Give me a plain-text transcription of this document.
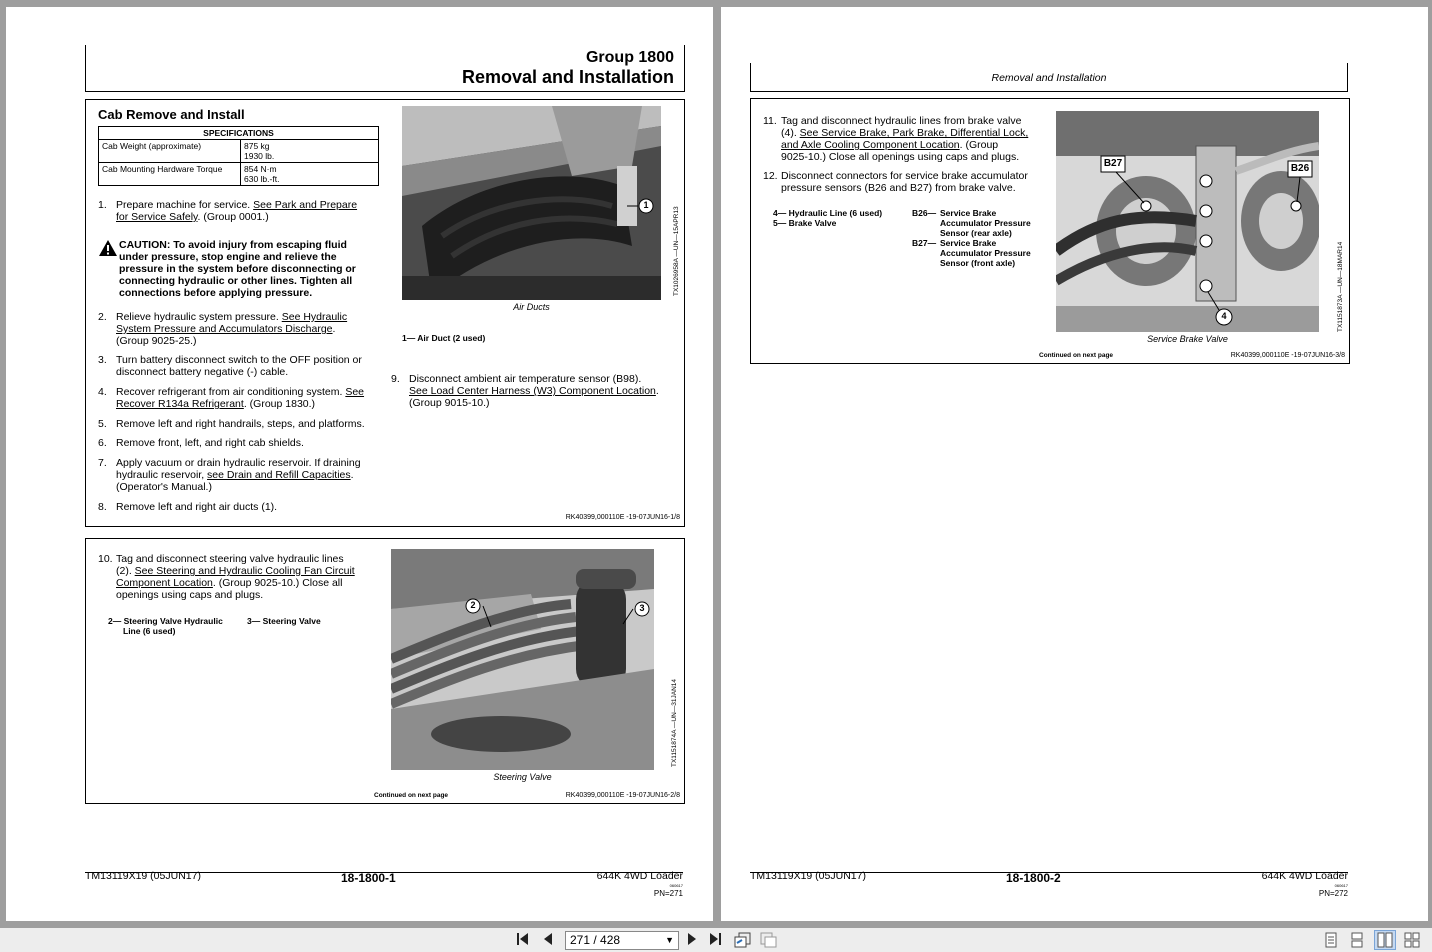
Group 1800
Removal and Installation
Cab Remove and Install
SPECIFICATIONS	
Cab Weight (approximate)	875 kg
1930 lb.

Cab Mounting Hardware Torque	854 N·m
630 lb.-ft.
1. Prepare machine for service. See Park and Prepare
for Service Safely. (Group 0001.)
CAUTION: To avoid injury from escaping fluid
under pressure, stop engine and relieve the
pressure in the system before disconnecting or
connecting hydraulic or other lines. Tighten all
connections before applying pressure.
2. Relieve hydraulic system pressure. See Hydraulic
System Pressure and Accumulators Discharge.
(Group 9025-25.)
3. Turn battery disconnect switch to the OFF position or
disconnect battery negative (-) cable.
4. Recover refrigerant from air conditioning system. See
Recover R134a Refrigerant. (Group 1830.)
5. Remove left and right handrails, steps, and platforms.
6. Remove front, left, and right cab shields.
7. Apply vacuum or drain hydraulic reservoir. If draining
hydraulic reservoir, see Drain and Refill Capacities.
(Operator's Manual.)
8. Remove left and right air ducts (1).
1
TX1026958A —UN—15APR13
Air Ducts
1— Air Duct (2 used)
9. Disconnect ambient air temperature sensor (B98).
See Load Center Harness (W3) Component Location.
(Group 9015-10.)
RK40399,000110E -19-07JUN16-1/8
10. Tag and disconnect steering valve hydraulic lines
(2). See Steering and Hydraulic Cooling Fan Circuit
Component Location. (Group 9025-10.) Close all
openings using caps and plugs.
2— Steering Valve Hydraulic
Line (6 used)
3— Steering Valve
2	3
TX1151874A —UN—31JAN14
Steering Valve
Continued on next page	RK40399,000110E -19-07JUN16-2/8
TM13119X19 (05JUN17)	18-1800-1	644K 4WD Loader
060617
PN=271
Removal and Installation
11. Tag and disconnect hydraulic lines from brake valve
(4). See Service Brake, Park Brake, Differential Lock,
and Axle Cooling Component Location. (Group
9025-10.) Close all openings using caps and plugs.
12. Disconnect connectors for service brake accumulator
pressure sensors (B26 and B27) from brake valve.
4— Hydraulic Line (6 used)
5— Brake Valve
B26— Service Brake
Accumulator Pressure
Sensor (rear axle)
B27— Service Brake
Accumulator Pressure
Sensor (front axle)
B27	B26
4	TX1151873A —UN—18MAR14
Service Brake Valve
Continued on next page	RK40399,000110E -19-07JUN16-3/8
TM13119X19 (05JUN17)	18-1800-2	644K 4WD Loader
060617
PN=272
271 / 428	▼
